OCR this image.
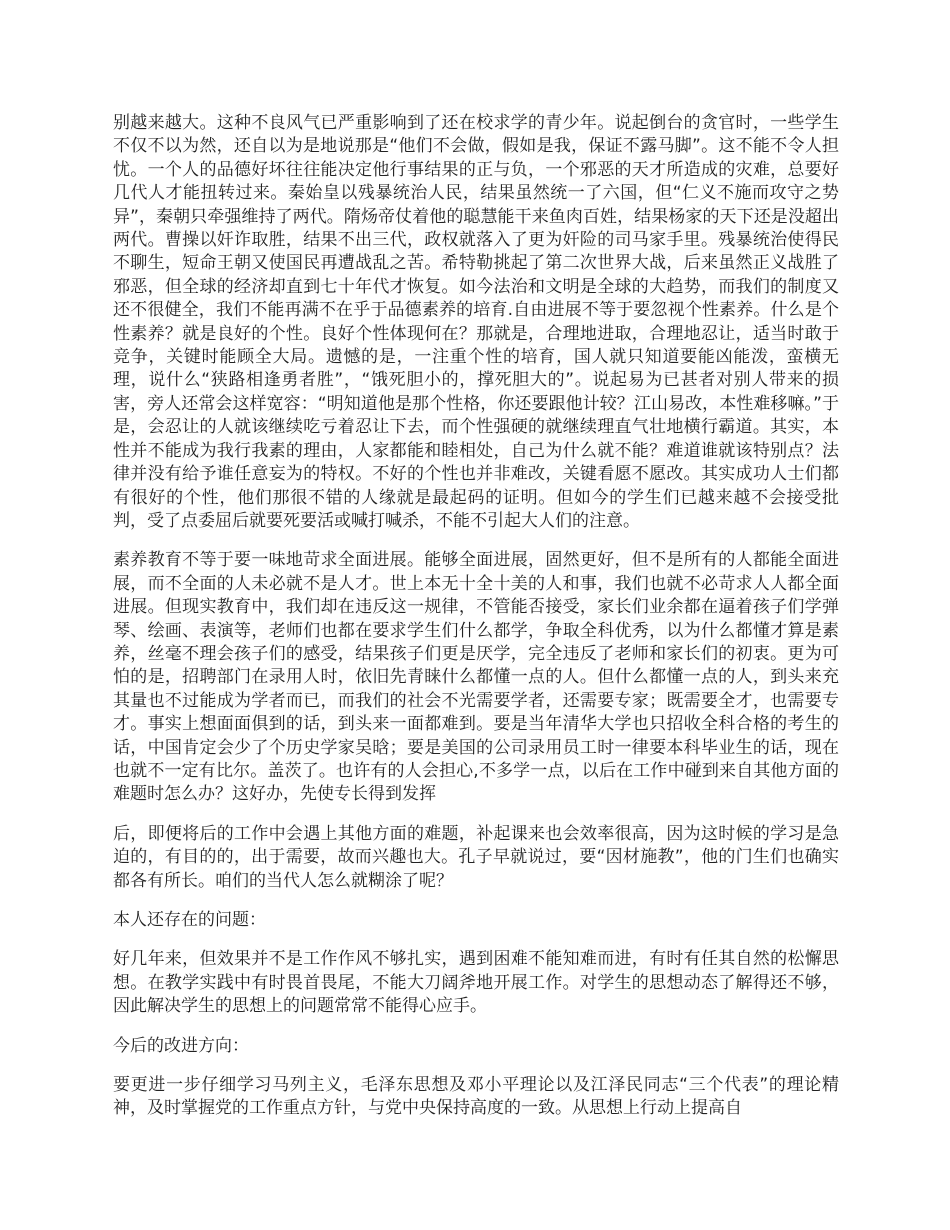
别越来越大。这种不良风气已严重影响到了还在校求学的青少年。说起倒台的贪官时，一些学生不仅不以为然，还自以为是地说那是“他们不会做，假如是我，保证不露马脚”。这不能不令人担忧。一个人的品德好坏往往能决定他行事结果的正与负，一个邪恶的天才所造成的灾难，总要好几代人才能扭转过来。秦始皇以残暴统治人民，结果虽然统一了六国，但“仁义不施而攻守之势异”，秦朝只牵强维持了两代。隋炀帝仗着他的聪慧能干来鱼肉百姓，结果杨家的天下还是没超出两代。曹操以奸诈取胜，结果不出三代，政权就落入了更为奸险的司马家手里。残暴统治使得民不聊生，短命王朝又使国民再遭战乱之苦。希特勒挑起了第二次世界大战，后来虽然正义战胜了邪恶，但全球的经济却直到七十年代才恢复。如今法治和文明是全球的大趋势，而我们的制度又还不很健全，我们不能再满不在乎于品德素养的培育.自由进展不等于要忽视个性素养。什么是个性素养？就是良好的个性。良好个性体现何在？那就是，合理地进取，合理地忍让，适当时敢于竞争，关键时能顾全大局。遗憾的是，一注重个性的培育，国人就只知道要能凶能泼，蛮横无理，说什么“狭路相逢勇者胜”，“饿死胆小的，撑死胆大的”。说起易为已甚者对别人带来的损害，旁人还常会这样宽容：“明知道他是那个性格，你还要跟他计较？江山易改，本性难移嘛。”于是，会忍让的人就该继续吃亏着忍让下去，而个性强硬的就继续理直气壮地横行霸道。其实，本性并不能成为我行我素的理由，人家都能和睦相处，自己为什么就不能？难道谁就该特别点？法律并没有给予谁任意妄为的特权。不好的个性也并非难改，关键看愿不愿改。其实成功人士们都有很好的个性，他们那很不错的人缘就是最起码的证明。但如今的学生们已越来越不会接受批判，受了点委屈后就要死要活或喊打喊杀，不能不引起大人们的注意。

素养教育不等于要一味地苛求全面进展。能够全面进展，固然更好，但不是所有的人都能全面进展，而不全面的人未必就不是人才。世上本无十全十美的人和事，我们也就不必苛求人人都全面进展。但现实教育中，我们却在违反这一规律，不管能否接受，家长们业余都在逼着孩子们学弹琴、绘画、表演等，老师们也都在要求学生们什么都学，争取全科优秀，以为什么都懂才算是素养，丝毫不理会孩子们的感受，结果孩子们更是厌学，完全违反了老师和家长们的初衷。更为可怕的是，招聘部门在录用人时，依旧先青睐什么都懂一点的人。但什么都懂一点的人，到头来充其量也不过能成为学者而已，而我们的社会不光需要学者，还需要专家；既需要全才，也需要专才。事实上想面面俱到的话，到头来一面都难到。要是当年清华大学也只招收全科合格的考生的话，中国肯定会少了个历史学家吴晗；要是美国的公司录用员工时一律要本科毕业生的话，现在也就不一定有比尔。盖茨了。也许有的人会担心,不多学一点，以后在工作中碰到来自其他方面的难题时怎么办？这好办，先使专长得到发挥

后，即便将后的工作中会遇上其他方面的难题，补起课来也会效率很高，因为这时候的学习是急迫的，有目的的，出于需要，故而兴趣也大。孔子早就说过，要“因材施教”，他的门生们也确实都各有所长。咱们的当代人怎么就糊涂了呢？

本人还存在的问题：

好几年来，但效果并不是工作作风不够扎实，遇到困难不能知难而进，有时有任其自然的松懈思想。在教学实践中有时畏首畏尾，不能大刀阔斧地开展工作。对学生的思想动态了解得还不够，因此解决学生的思想上的问题常常不能得心应手。

今后的改进方向：

要更进一步仔细学习马列主义，毛泽东思想及邓小平理论以及江泽民同志“三个代表”的理论精神，及时掌握党的工作重点方针，与党中央保持高度的一致。从思想上行动上提高自
